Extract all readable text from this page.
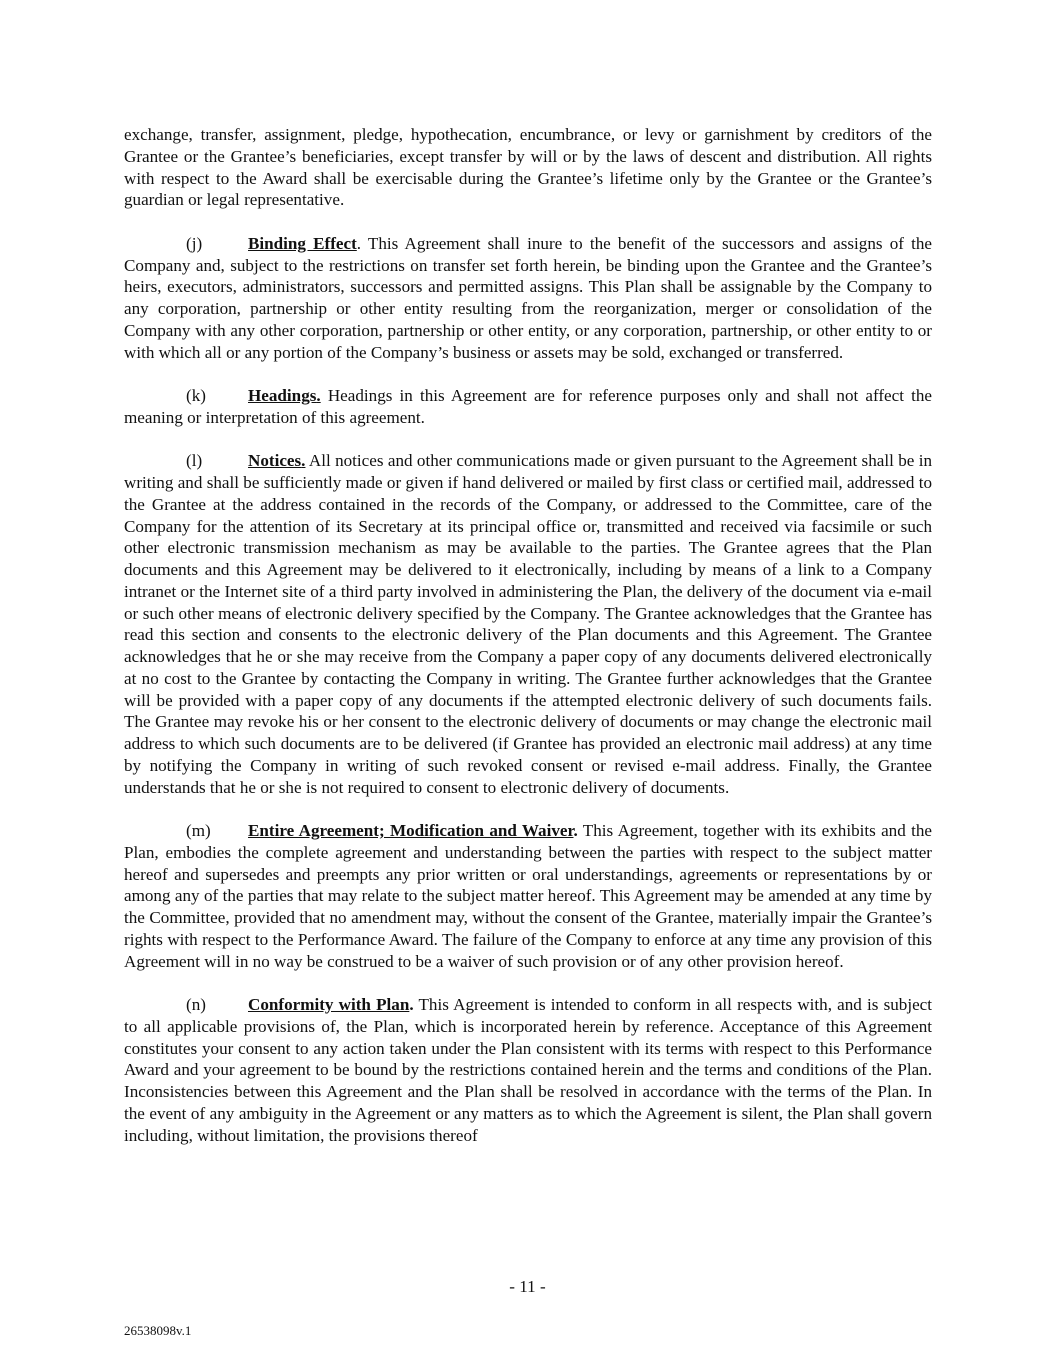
exchange, transfer, assignment, pledge, hypothecation, encumbrance, or levy or garnishment by creditors of the Grantee or the Grantee’s beneficiaries, except transfer by will or by the laws of descent and distribution. All rights with respect to the Award shall be exercisable during the Grantee’s lifetime only by the Grantee or the Grantee’s guardian or legal representative.

(j)	Binding Effect. This Agreement shall inure to the benefit of the successors and assigns of the Company and, subject to the restrictions on transfer set forth herein, be binding upon the Grantee and the Grantee’s heirs, executors, administrators, successors and permitted assigns. This Plan shall be assignable by the Company to any corporation, partnership or other entity resulting from the reorganization, merger or consolidation of the Company with any other corporation, partnership or other entity, or any corporation, partnership, or other entity to or with which all or any portion of the Company’s business or assets may be sold, exchanged or transferred.

(k) Headings. Headings in this Agreement are for reference purposes only and shall not affect the meaning or interpretation of this agreement.

(l)	Notices. All notices and other communications made or given pursuant to the Agreement shall be in writing and shall be sufficiently made or given if hand delivered or mailed by first class or certified mail, addressed to the Grantee at the address contained in the records of the Company, or addressed to the Committee, care of the Company for the attention of its Secretary at its principal office or, transmitted and received via facsimile or such other electronic transmission mechanism as may be available to the parties. The Grantee agrees that the Plan documents and this Agreement may be delivered to it electronically, including by means of a link to a Company intranet or the Internet site of a third party involved in administering the Plan, the delivery of the document via e-mail or such other means of electronic delivery specified by the Company. The Grantee acknowledges that the Grantee has read this section and consents to the electronic delivery of the Plan documents and this Agreement. The Grantee acknowledges that he or she may receive from the Company a paper copy of any documents delivered electronically at no cost to the Grantee by contacting the Company in writing. The Grantee further acknowledges that the Grantee will be provided with a paper copy of any documents if the attempted electronic delivery of such documents fails. The Grantee may revoke his or her consent to the electronic delivery of documents or may change the electronic mail address to which such documents are to be delivered (if Grantee has provided an electronic mail address) at any time by notifying the Company in writing of such revoked consent or revised e-mail address. Finally, the Grantee understands that he or she is not required to consent to electronic delivery of documents.

(m) Entire Agreement; Modification and Waiver. This Agreement, together with its exhibits and the Plan, embodies the complete agreement and understanding between the parties with respect to the subject matter hereof and supersedes and preempts any prior written or oral understandings, agreements or representations by or among any of the parties that may relate to the subject matter hereof. This Agreement may be amended at any time by the Committee, provided that no amendment may, without the consent of the Grantee, materially impair the Grantee’s rights with respect to the Performance Award. The failure of the Company to enforce at any time any provision of this Agreement will in no way be construed to be a waiver of such provision or of any other provision hereof.

(n) Conformity with Plan. This Agreement is intended to conform in all respects with, and is subject to all applicable provisions of, the Plan, which is incorporated herein by reference. Acceptance of this Agreement constitutes your consent to any action taken under the Plan consistent with its terms with respect to this Performance Award and your agreement to be bound by the restrictions contained herein and the terms and conditions of the Plan. Inconsistencies between this Agreement and the Plan shall be resolved in accordance with the terms of the Plan. In the event of any ambiguity in the Agreement or any matters as to which the Agreement is silent, the Plan shall govern including, without limitation, the provisions thereof

- 11 -
26538098v.1
